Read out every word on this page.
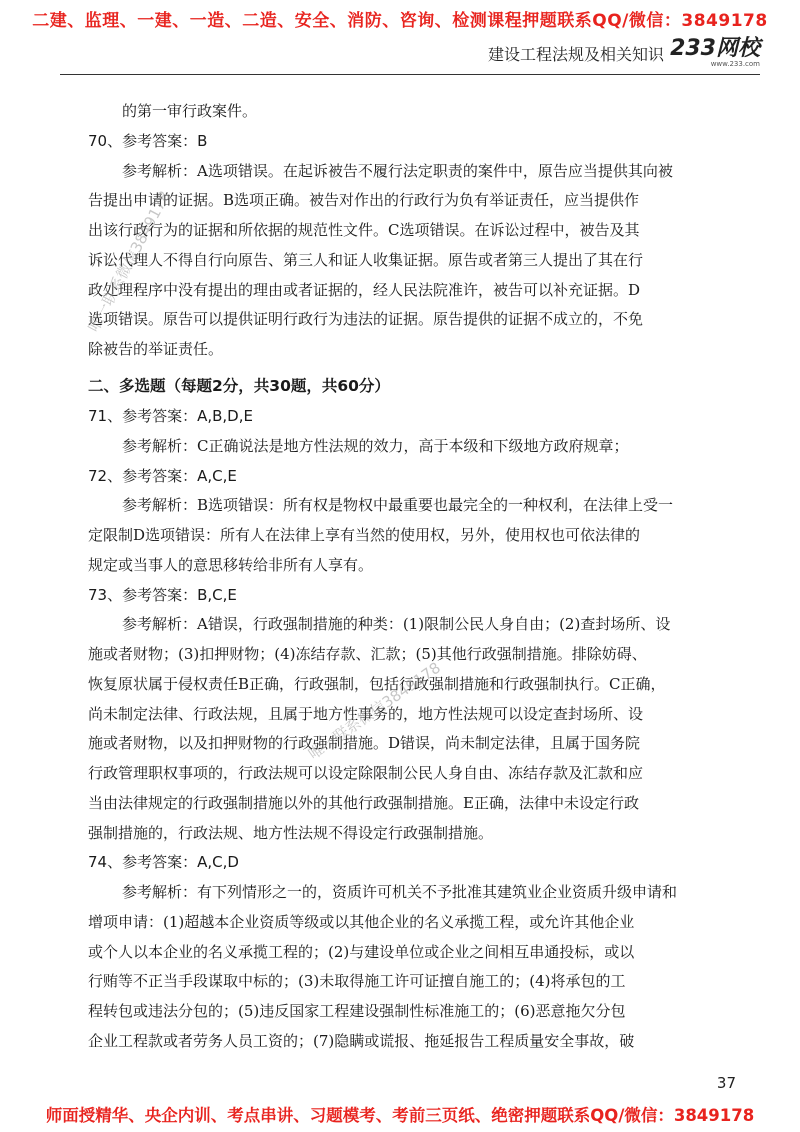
二建、监理、一建、一造、二造、安全、消防、咨询、检测课程押题联系QQ/微信：3849178
建设工程法规及相关知识 233网校
www.233.com
的第一审行政案件。
70、参考答案：B
参考解析：A选项错误。在起诉被告不履行法定职责的案件中，原告应当提供其向被
告提出申请的证据。B选项正确。被告对作出的行政行为负有举证责任，应当提供作
出该行政行为的证据和所依据的规范性文件。C选项错误。在诉讼过程中，被告及其
诉讼代理人不得自行向原告、第三人和证人收集证据。原告或者第三人提出了其在行
政处理程序中没有提出的理由或者证据的，经人民法院准许，被告可以补充证据。D
选项错误。原告可以提供证明行政行为违法的证据。原告提供的证据不成立的，不免
除被告的举证责任。
二、多选题（每题2分，共30题，共60分）
71、参考答案：A,B,D,E
参考解析：C正确说法是地方性法规的效力，高于本级和下级地方政府规章；
72、参考答案：A,C,E
参考解析：B选项错误：所有权是物权中最重要也最完全的一种权利，在法律上受一
定限制D选项错误：所有人在法律上享有当然的使用权，另外，使用权也可依法律的
规定或当事人的意思移转给非所有人享有。
73、参考答案：B,C,E
参考解析：A错误，行政强制措施的种类：(1)限制公民人身自由；(2)查封场所、设
施或者财物；(3)扣押财物；(4)冻结存款、汇款；(5)其他行政强制措施。排除妨碍、
恢复原状属于侵权责任B正确，行政强制，包括行政强制措施和行政强制执行。C正确，
尚未制定法律、行政法规，且属于地方性事务的，地方性法规可以设定查封场所、设
施或者财物，以及扣押财物的行政强制措施。D错误，尚未制定法律，且属于国务院
行政管理职权事项的，行政法规可以设定除限制公民人身自由、冻结存款及汇款和应
当由法律规定的行政强制措施以外的其他行政强制措施。E正确，法律中未设定行政
强制措施的，行政法规、地方性法规不得设定行政强制措施。
74、参考答案：A,C,D
参考解析：有下列情形之一的，资质许可机关不予批准其建筑业企业资质升级申请和
增项申请：(1)超越本企业资质等级或以其他企业的名义承揽工程，或允许其他企业
或个人以本企业的名义承揽工程的；(2)与建设单位或企业之间相互串通投标，或以
行贿等不正当手段谋取中标的；(3)未取得施工许可证擅自施工的；(4)将承包的工
程转包或违法分包的；(5)违反国家工程建设强制性标准施工的；(6)恶意拖欠分包
企业工程款或者劳务人员工资的；(7)隐瞒或谎报、拖延报告工程质量安全事故，破
唯一联系微信3849178
唯一联系微信3849178
37
师面授精华、央企内训、考点串讲、习题模考、考前三页纸、绝密押题联系QQ/微信：3849178
